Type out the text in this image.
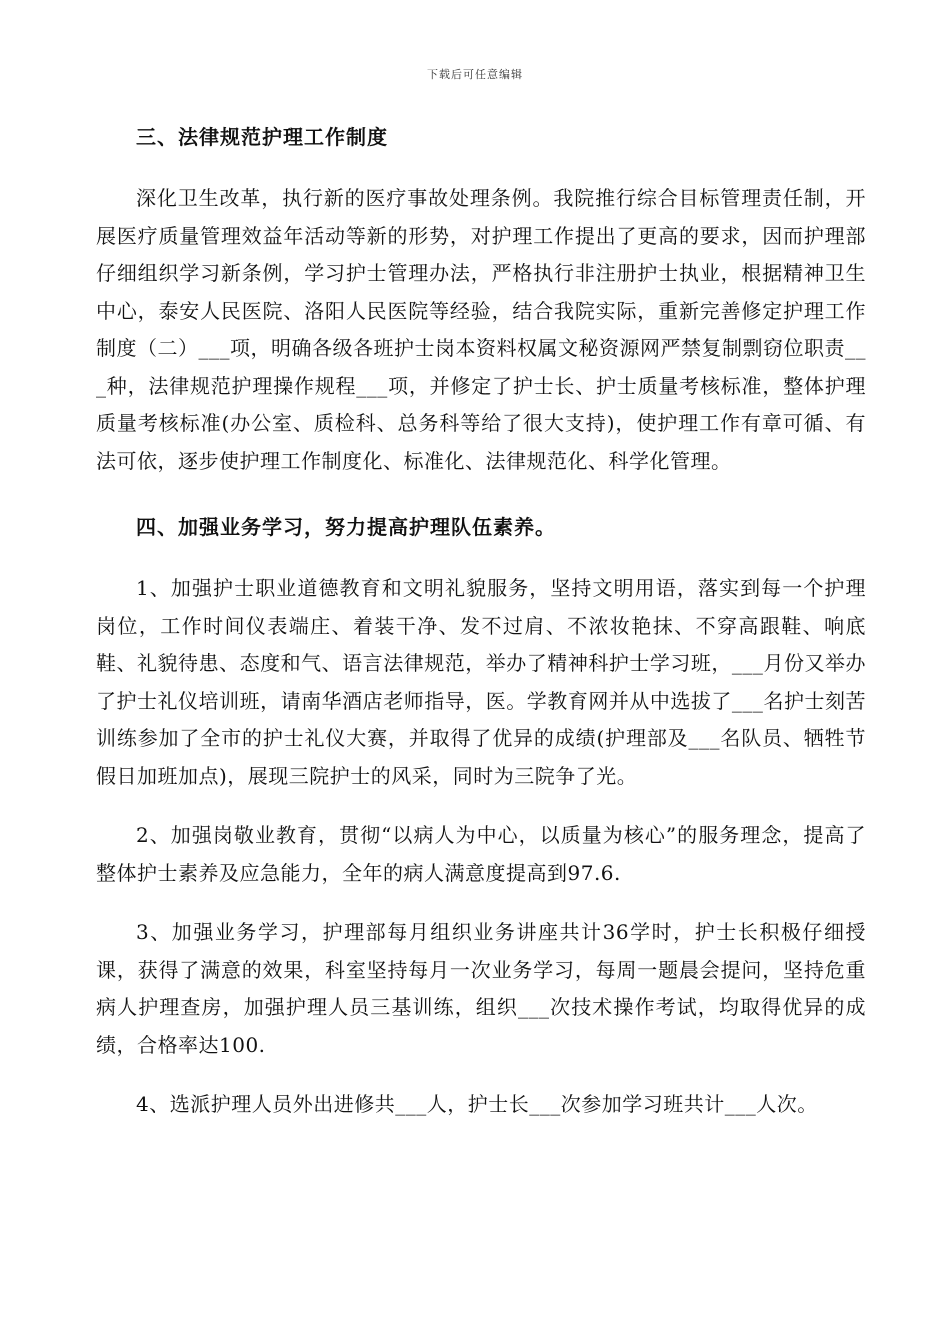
下载后可任意编辑
三、法律规范护理工作制度

深化卫生改革，执行新的医疗事故处理条例。我院推行综合目标管理责任制，开展医疗质量管理效益年活动等新的形势，对护理工作提出了更高的要求，因而护理部仔细组织学习新条例，学习护士管理办法，严格执行非注册护士执业，根据精神卫生中心，泰安人民医院、洛阳人民医院等经验，结合我院实际，重新完善修定护理工作制度（二）___项，明确各级各班护士岗本资料权属文秘资源网严禁复制剽窃位职责___种，法律规范护理操作规程___项，并修定了护士长、护士质量考核标准，整体护理质量考核标准(办公室、质检科、总务科等给了很大支持)，使护理工作有章可循、有法可依，逐步使护理工作制度化、标准化、法律规范化、科学化管理。

四、加强业务学习，努力提高护理队伍素养。

1、加强护士职业道德教育和文明礼貌服务，坚持文明用语，落实到每一个护理岗位，工作时间仪表端庄、着装干净、发不过肩、不浓妆艳抹、不穿高跟鞋、响底鞋、礼貌待患、态度和气、语言法律规范，举办了精神科护士学习班，___月份又举办了护士礼仪培训班，请南华酒店老师指导，医。学教育网并从中选拔了___名护士刻苦训练参加了全市的护士礼仪大赛，并取得了优异的成绩(护理部及___名队员、牺牲节假日加班加点)，展现三院护士的风采，同时为三院争了光。

2、加强岗敬业教育，贯彻“以病人为中心，以质量为核心”的服务理念，提高了整体护士素养及应急能力，全年的病人满意度提高到97.6.

3、加强业务学习，护理部每月组织业务讲座共计36学时，护士长积极仔细授课，获得了满意的效果，科室坚持每月一次业务学习，每周一题晨会提问，坚持危重病人护理查房，加强护理人员三基训练，组织___次技术操作考试，均取得优异的成绩，合格率达100.

4、选派护理人员外出进修共___人，护士长___次参加学习班共计___人次。
